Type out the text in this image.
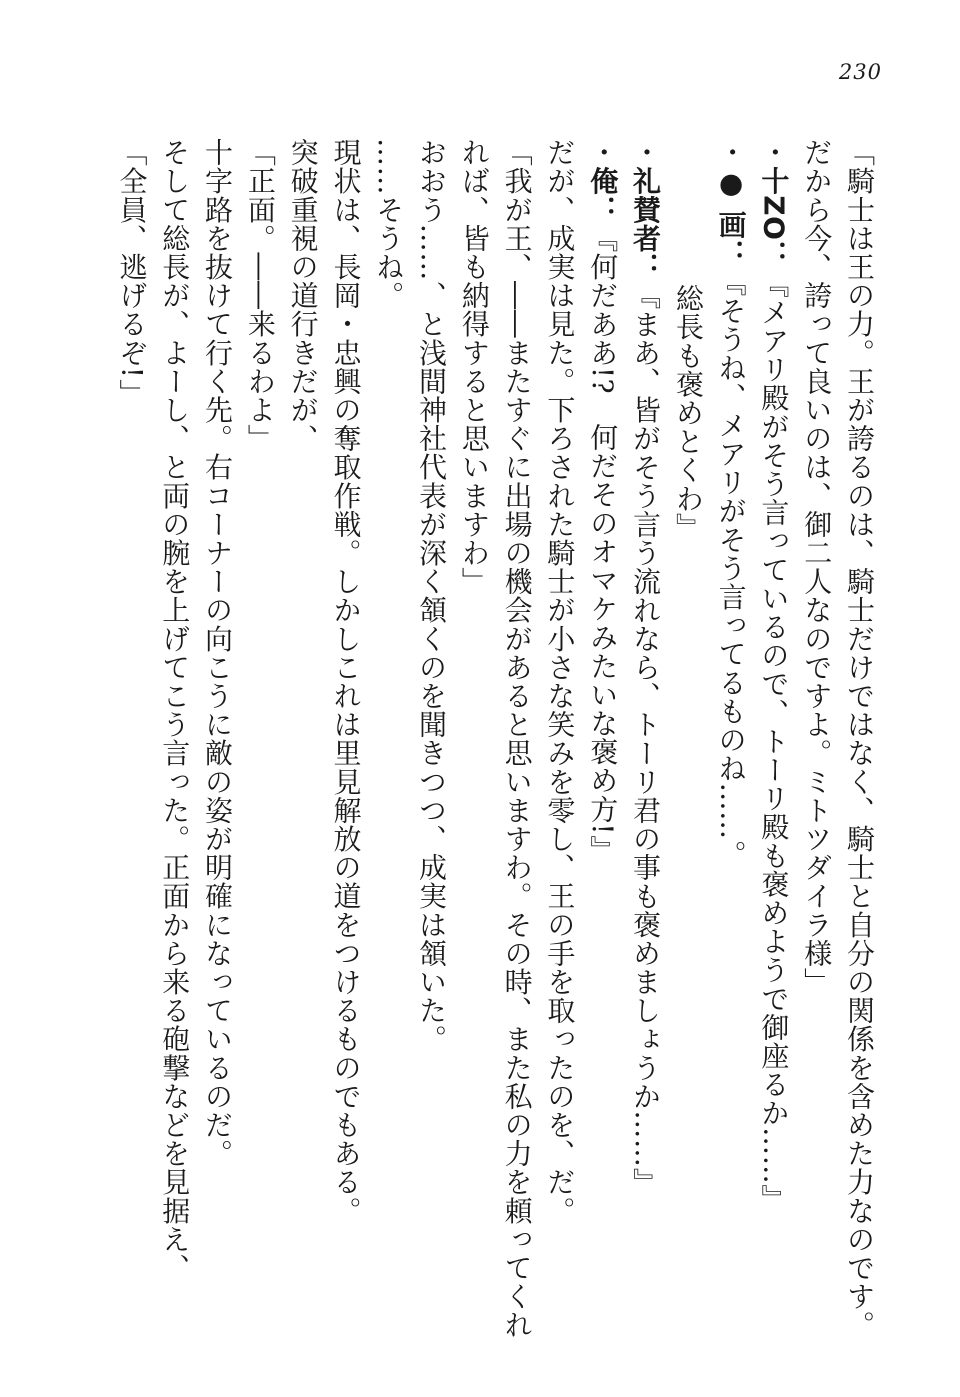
230
「騎士は王の力。王が誇るのは、騎士だけではなく、騎士と自分の関係を含めた力なのです。
だから今、誇って良いのは、御二人なのですよ。ミトツダイラ様」
・十ZO：『メアリ殿がそう言っているので、トーリ殿も褒めようで御座るか……』
・● 画：『そうね、メアリがそう言ってるものね……。
総長も褒めとくわ』
・礼賛者：『まあ、皆がそう言う流れなら、トーリ君の事も褒めましょうか……』
・俺：『何だああ!?　何だそのオマケみたいな褒め方!』
だが、成実は見た。下ろされた騎士が小さな笑みを零し、王の手を取ったのを、だ。
「我が王、――またすぐに出場の機会があると思いますわ。その時、また私の力を頼ってくれ
れば、皆も納得すると思いますわ」
おおう……、と浅間神社代表が深く頷くのを聞きつつ、成実は頷いた。
……そうね。
現状は、長岡・忠興の奪取作戦。しかしこれは里見解放の道をつけるものでもある。
突破重視の道行きだが、
「正面。――来るわよ」
十字路を抜けて行く先。右コーナーの向こうに敵の姿が明確になっているのだ。
そして総長が、よーし、と両の腕を上げてこう言った。正面から来る砲撃などを見据え、
「全員、逃げるぞ!」
